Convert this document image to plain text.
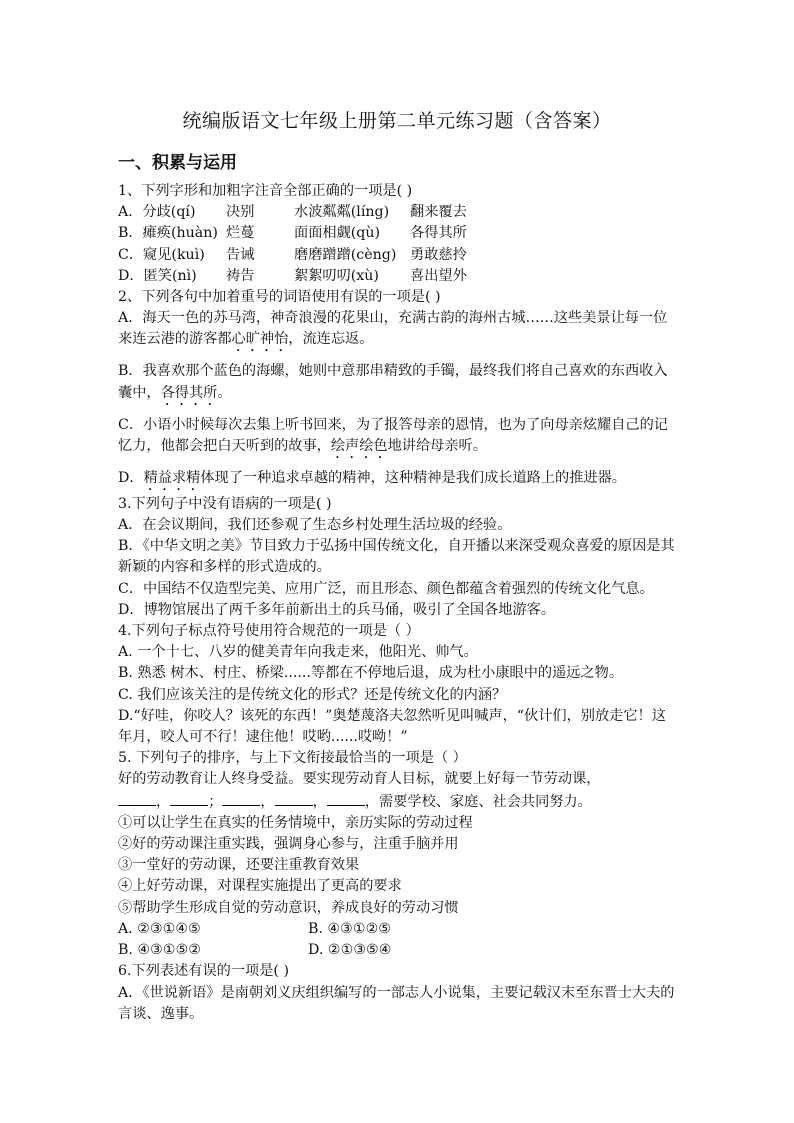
统编版语文七年级上册第二单元练习题（含答案）
一、积累与运用

1、下列字形和加粗字注音全部正确的一项是( )

A．分歧(qí) 决别	水波粼粼(líng) 翻来覆去

B．瘫痪(huàn) 烂蔓	面面相觑(qù) 各得其所

C．窥见(kuì) 告诫	磨磨蹭蹭(cèng) 勇敢慈拎

D．匿笑(nì) 祷告	絮絮叨叨(xù) 喜出望外

2、下列各句中加着重号的词语使用有误的一项是( )

A．海天一色的苏马湾，神奇浪漫的花果山，充满古韵的海州古城……这些美景让每一位来连云港的游客都心旷神怡，流连忘返。

B．我喜欢那个蓝色的海螺，她则中意那串精致的手镯，最终我们将自己喜欢的东西收入囊中，各得其所。

C．小语小时候每次去集上听书回来，为了报答母亲的恩情，也为了向母亲炫耀自己的记忆力，他都会把白天听到的故事，绘声绘色地讲给母亲听。

D．精益求精体现了一种追求卓越的精神，这种精神是我们成长道路上的推进器。

3.下列句子中没有语病的一项是( )

A．在会议期间，我们还参观了生态乡村处理生活垃圾的经验。

B．《中华文明之美》节目致力于弘扬中国传统文化，自开播以来深受观众喜爱的原因是其新颖的内容和多样的形式造成的。

C．中国结不仅造型完美、应用广泛，而且形态、颜色都蕴含着强烈的传统文化气息。

D．博物馆展出了两千多年前新出土的兵马俑，吸引了全国各地游客。

4.下列句子标点符号使用符合规范的一项是（ ）

A. 一个十七、八岁的健美青年向我走来，他阳光、帅气。

B. 熟悉 树木、村庄、桥梁......等都在不停地后退，成为杜小康眼中的遥远之物。

C. 我们应该关注的是传统文化的形式？还是传统文化的内涵？

D.“好哇，你咬人？该死的东西！”奥楚蔑洛夫忽然听见叫喊声，“伙计们，别放走它！这年月，咬人可不行！逮住他！哎哟......哎呦！”

5. 下列句子的排序，与上下文衔接最恰当的一项是（ ）

好的劳动教育让人终身受益。要实现劳动育人目标，就要上好每一节劳动课，

，	；	，	，	，需要学校、家庭、社会共同努力。

①可以让学生在真实的任务情境中，亲历实际的劳动过程

②好的劳动课注重实践，强调身心参与，注重手脑并用

③一堂好的劳动课，还要注重教育效果

④上好劳动课，对课程实施提出了更高的要求

⑤帮助学生形成自觉的劳动意识，养成良好的劳动习惯

A. ②③①④⑤	B. ④③①②⑤

B. ④③①⑤②	D. ②①③⑤④

6.下列表述有误的一项是( )

A．《世说新语》是南朝刘义庆组织编写的一部志人小说集，主要记载汉末至东晋士大夫的言谈、逸事。
